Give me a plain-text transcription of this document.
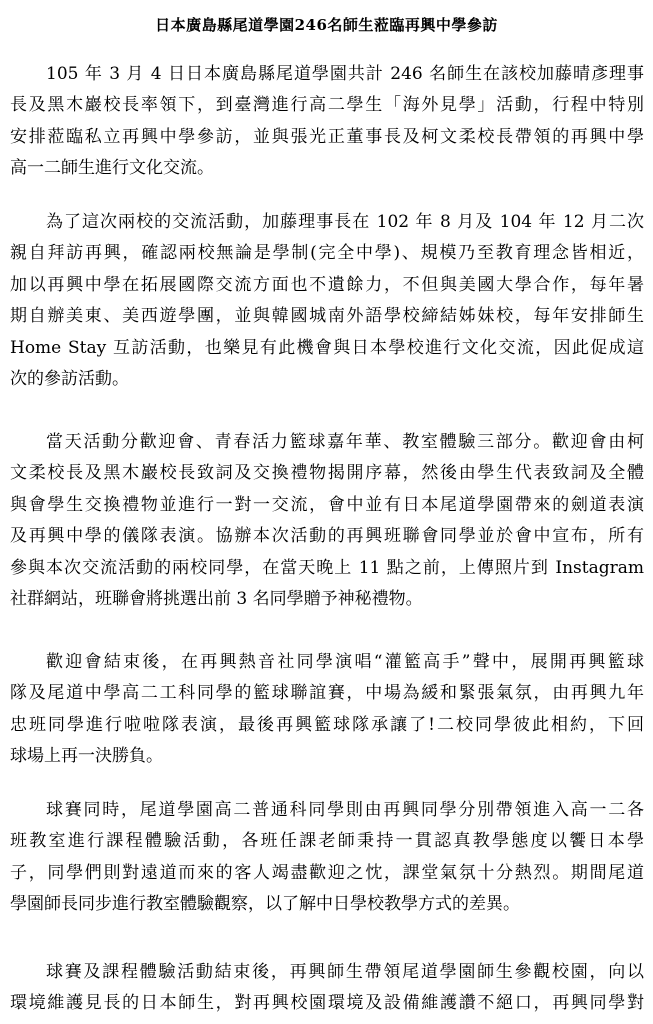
日本廣島縣尾道學園246名師生蒞臨再興中學參訪
105 年 3 月 4 日日本廣島縣尾道學園共計 246 名師生在該校加藤晴彥理事
長及黑木巖校長率領下，到臺灣進行高二學生「海外見學」活動，行程中特別
安排蒞臨私立再興中學參訪，並與張光正董事長及柯文柔校長帶領的再興中學
高一二師生進行文化交流。
為了這次兩校的交流活動，加藤理事長在 102 年 8 月及 104 年 12 月二次
親自拜訪再興，確認兩校無論是學制(完全中學)、規模乃至教育理念皆相近，
加以再興中學在拓展國際交流方面也不遺餘力，不但與美國大學合作，每年暑
期自辦美東、美西遊學團，並與韓國城南外語學校締結姊妹校，每年安排師生
Home Stay 互訪活動，也樂見有此機會與日本學校進行文化交流，因此促成這
次的參訪活動。
當天活動分歡迎會、青春活力籃球嘉年華、教室體驗三部分。歡迎會由柯
文柔校長及黑木巖校長致詞及交換禮物揭開序幕，然後由學生代表致詞及全體
與會學生交換禮物並進行一對一交流，會中並有日本尾道學園帶來的劍道表演
及再興中學的儀隊表演。協辦本次活動的再興班聯會同學並於會中宣布，所有
參與本次交流活動的兩校同學，在當天晚上 11 點之前，上傳照片到 Instagram
社群網站，班聯會將挑選出前 3 名同學贈予神秘禮物。
歡迎會結束後，在再興熱音社同學演唱“灌籃高手”聲中，展開再興籃球
隊及尾道中學高二工科同學的籃球聯誼賽，中場為緩和緊張氣氛，由再興九年
忠班同學進行啦啦隊表演，最後再興籃球隊承讓了!二校同學彼此相約，下回
球場上再一決勝負。
球賽同時，尾道學園高二普通科同學則由再興同學分別帶領進入高一二各
班教室進行課程體驗活動，各班任課老師秉持一貫認真教學態度以饗日本學
子，同學們則對遠道而來的客人竭盡歡迎之忱，課堂氣氛十分熱烈。期間尾道
學園師長同步進行教室體驗觀察，以了解中日學校教學方式的差異。
球賽及課程體驗活動結束後，再興師生帶領尾道學園師生參觀校園，向以
環境維護見長的日本師生，對再興校園環境及設備維護讚不絕口，再興同學對
